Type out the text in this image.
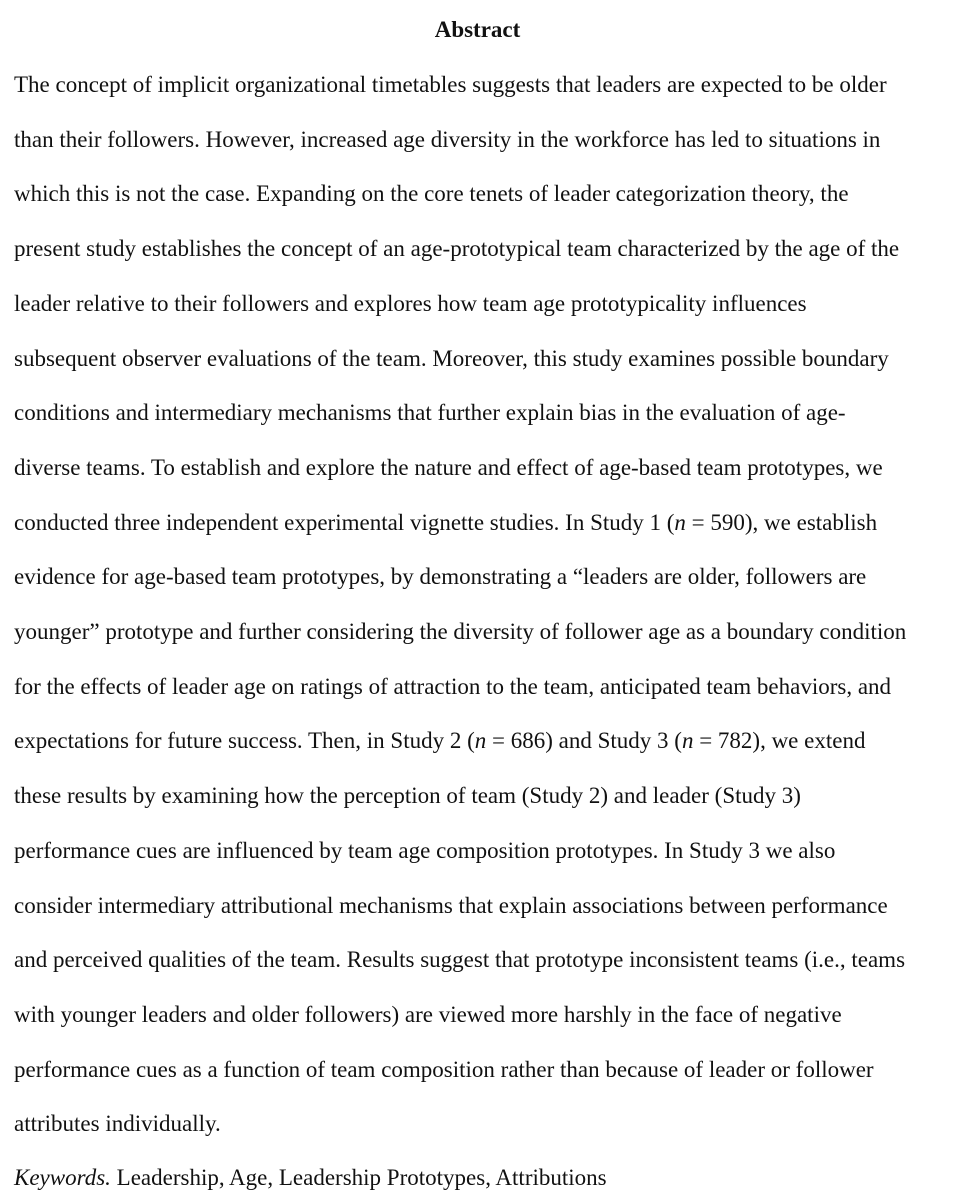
Abstract
The concept of implicit organizational timetables suggests that leaders are expected to be older
than their followers. However, increased age diversity in the workforce has led to situations in
which this is not the case. Expanding on the core tenets of leader categorization theory, the
present study establishes the concept of an age-prototypical team characterized by the age of the
leader relative to their followers and explores how team age prototypicality influences
subsequent observer evaluations of the team. Moreover, this study examines possible boundary
conditions and intermediary mechanisms that further explain bias in the evaluation of age-
diverse teams. To establish and explore the nature and effect of age-based team prototypes, we
conducted three independent experimental vignette studies. In Study 1 (n = 590), we establish
evidence for age-based team prototypes, by demonstrating a “leaders are older, followers are
younger” prototype and further considering the diversity of follower age as a boundary condition
for the effects of leader age on ratings of attraction to the team, anticipated team behaviors, and
expectations for future success. Then, in Study 2 (n = 686) and Study 3 (n = 782), we extend
these results by examining how the perception of team (Study 2) and leader (Study 3)
performance cues are influenced by team age composition prototypes. In Study 3 we also
consider intermediary attributional mechanisms that explain associations between performance
and perceived qualities of the team. Results suggest that prototype inconsistent teams (i.e., teams
with younger leaders and older followers) are viewed more harshly in the face of negative
performance cues as a function of team composition rather than because of leader or follower
attributes individually.
Keywords. Leadership, Age, Leadership Prototypes, Attributions
